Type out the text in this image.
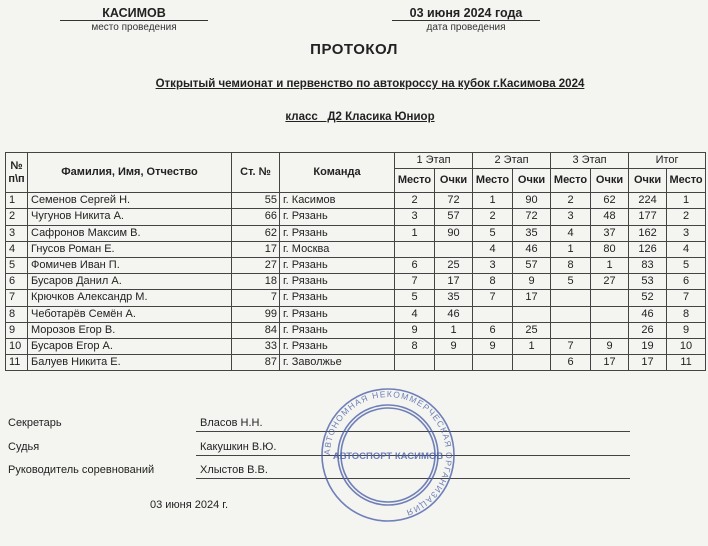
КАСИМОВ
место проведения
03 июня 2024 года
дата проведения
ПРОТОКОЛ
Открытый чемионат и первенство по автокроссу на кубок г.Касимова 2024
класс   Д2 Класика Юниор
№ п\п	Фамилия, Имя, Отчество	Ст. №	Команда	1 Этап		2 Этап		3 Этап		Итог	
				Место	Очки	Место	Очки	Место	Очки	Очки	Место
1	Семенов Сергей Н.	55	г. Касимов	2	72	1	90	2	62	224	1
2	Чугунов Никита А.	66	г. Рязань	3	57	2	72	3	48	177	2
3	Сафронов Максим В.	62	г. Рязань	1	90	5	35	4	37	162	3
4	Гнусов Роман Е.	17	г. Москва			4	46	1	80	126	4
5	Фомичев Иван П.	27	г. Рязань	6	25	3	57	8	1	83	5
6	Бусаров Данил А.	18	г. Рязань	7	17	8	9	5	27	53	6
7	Крючков Александр М.	7	г. Рязань	5	35	7	17			52	7
8	Чеботарёв Семён А.	99	г. Рязань	4	46					46	8
9	Морозов Егор В.	84	г. Рязань	9	1	6	25			26	9
10	Бусаров Егор А.	33	г. Рязань	8	9	9	1	7	9	19	10
11	Балуев Никита Е.	87	г. Заволжье					6	17	17	11
Секретарь	Власов Н.Н.
Судья	Какушкин В.Ю.
Руководитель соревнований	Хлыстов В.В.
03 июня 2024 г.
АВТОНОМНАЯ НЕКОММЕРЧЕСКАЯ ОРГАНИЗАЦИЯ
АВТОСПОРТ КАСИМОВ
